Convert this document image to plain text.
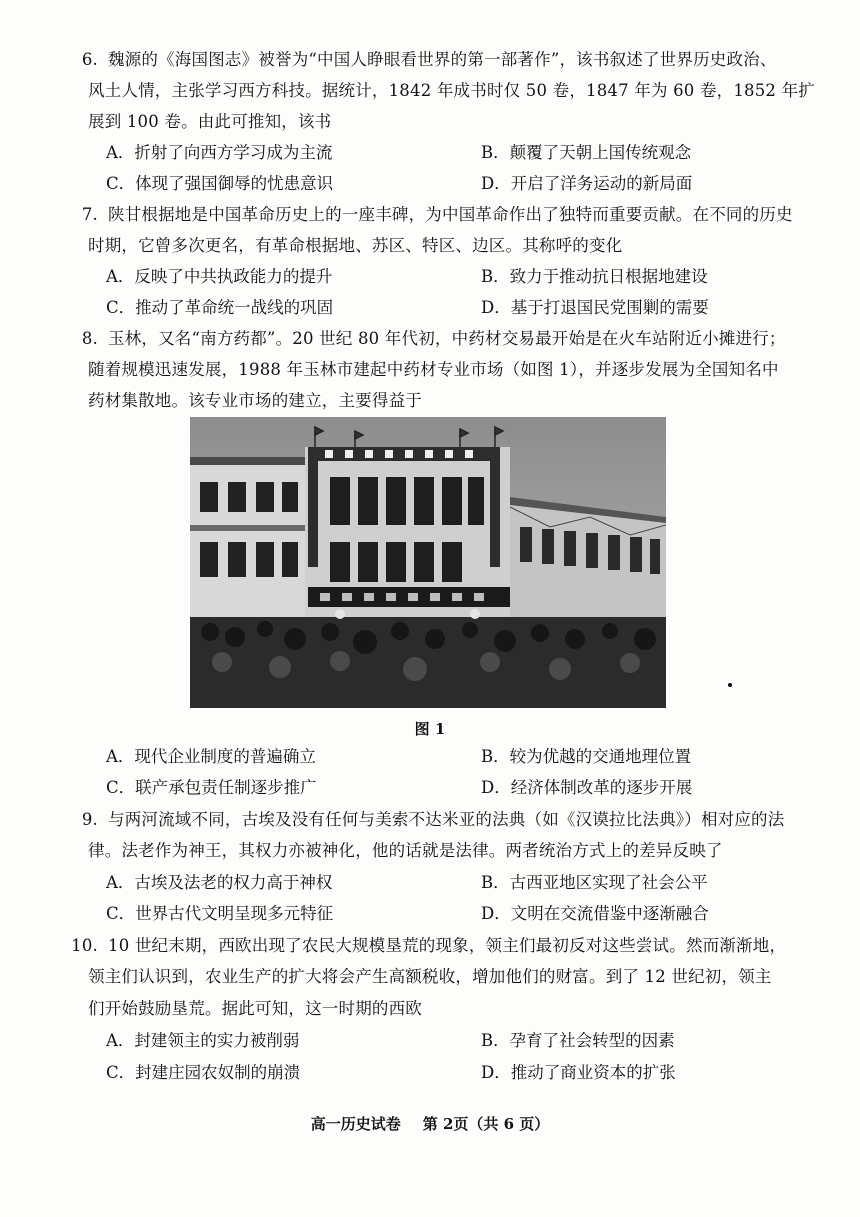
6. 魏源的《海国图志》被誉为“中国人睁眼看世界的第一部著作”，该书叙述了世界历史政治、
风土人情，主张学习西方科技。据统计，1842 年成书时仅 50 卷，1847 年为 60 卷，1852 年扩
展到 100 卷。由此可推知，该书
A．折射了向西方学习成为主流	B．颠覆了天朝上国传统观念
C．体现了强国御辱的忧患意识	D．开启了洋务运动的新局面
7. 陕甘根据地是中国革命历史上的一座丰碑，为中国革命作出了独特而重要贡献。在不同的历史
时期，它曾多次更名，有革命根据地、苏区、特区、边区。其称呼的变化
A．反映了中共执政能力的提升	B．致力于推动抗日根据地建设
C．推动了革命统一战线的巩固	D．基于打退国民党围剿的需要
8. 玉林，又名“南方药都”。20 世纪 80 年代初，中药材交易最开始是在火车站附近小摊进行；
随着规模迅速发展，1988 年玉林市建起中药材专业市场（如图 1），并逐步发展为全国知名中
药材集散地。该专业市场的建立，主要得益于
图 1
A．现代企业制度的普遍确立	B．较为优越的交通地理位置
C．联产承包责任制逐步推广	D．经济体制改革的逐步开展
9. 与两河流域不同，古埃及没有任何与美索不达米亚的法典（如《汉谟拉比法典》）相对应的法
律。法老作为神王，其权力亦被神化，他的话就是法律。两者统治方式上的差异反映了
A．古埃及法老的权力高于神权	B．古西亚地区实现了社会公平
C．世界古代文明呈现多元特征	D．文明在交流借鉴中逐渐融合
10. 10 世纪末期，西欧出现了农民大规模垦荒的现象，领主们最初反对这些尝试。然而渐渐地，
领主们认识到，农业生产的扩大将会产生高额税收，增加他们的财富。到了 12 世纪初，领主
们开始鼓励垦荒。据此可知，这一时期的西欧
A．封建领主的实力被削弱	B．孕育了社会转型的因素
C．封建庄园农奴制的崩溃	D．推动了商业资本的扩张
高一历史试卷 第 2页（共 6 页）
